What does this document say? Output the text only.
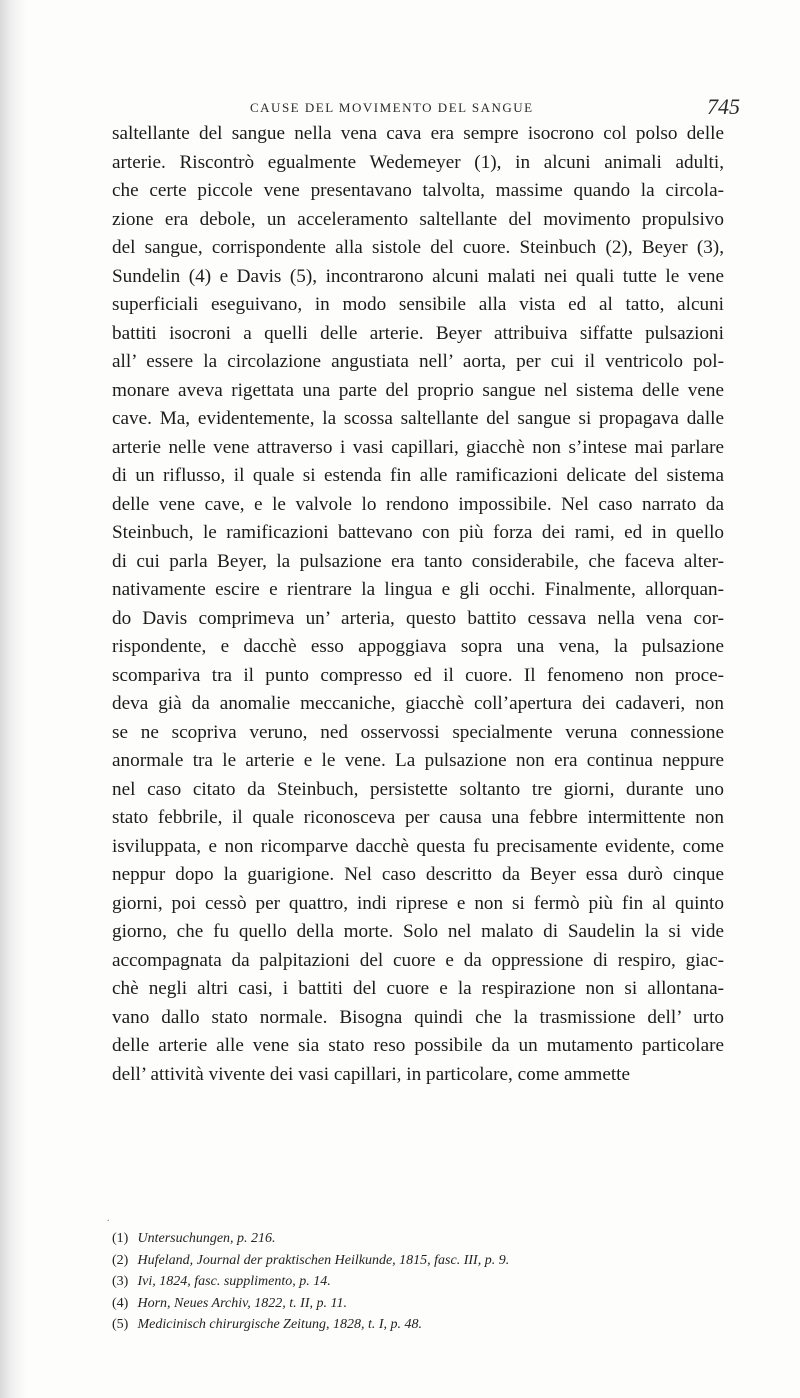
CAUSE DEL MOVIMENTO DEL SANGUE	745

saltellante del sangue nella vena cava era sempre isocrono col polso delle

arterie. Riscontrò egualmente Wedemeyer (1), in alcuni animali adulti,

che certe piccole vene presentavano talvolta, massime quando la circola-

zione era debole, un acceleramento saltellante del movimento propulsivo

del sangue, corrispondente alla sistole del cuore. Steinbuch (2), Beyer (3),

Sundelin (4) e Davis (5), incontrarono alcuni malati nei quali tutte le vene

superficiali eseguivano, in modo sensibile alla vista ed al tatto, alcuni

battiti isocroni a quelli delle arterie. Beyer attribuiva siffatte pulsazioni

all’ essere la circolazione angustiata nell’ aorta, per cui il ventricolo pol-

monare aveva rigettata una parte del proprio sangue nel sistema delle vene

cave. Ma, evidentemente, la scossa saltellante del sangue si propagava dalle

arterie nelle vene attraverso i vasi capillari, giacchè non s’intese mai parlare

di un riflusso, il quale si estenda fin alle ramificazioni delicate del sistema

delle vene cave, e le valvole lo rendono impossibile. Nel caso narrato da

Steinbuch, le ramificazioni battevano con più forza dei rami, ed in quello

di cui parla Beyer, la pulsazione era tanto considerabile, che faceva alter-

nativamente escire e rientrare la lingua e gli occhi. Finalmente, allorquan-

do Davis comprimeva un’ arteria, questo battito cessava nella vena cor-

rispondente, e dacchè esso appoggiava sopra una vena, la pulsazione

scompariva tra il punto compresso ed il cuore. Il fenomeno non proce-

deva già da anomalie meccaniche, giacchè coll’apertura dei cadaveri, non

se ne scopriva veruno, ned osservossi specialmente veruna connessione

anormale tra le arterie e le vene. La pulsazione non era continua neppure

nel caso citato da Steinbuch, persistette soltanto tre giorni, durante uno

stato febbrile, il quale riconosceva per causa una febbre intermittente non

isviluppata, e non ricomparve dacchè questa fu precisamente evidente, come

neppur dopo la guarigione. Nel caso descritto da Beyer essa durò cinque

giorni, poi cessò per quattro, indi riprese e non si fermò più fin al quinto

giorno, che fu quello della morte. Solo nel malato di Saudelin la si vide

accompagnata da palpitazioni del cuore e da oppressione di respiro, giac-

chè negli altri casi, i battiti del cuore e la respirazione non si allontana-

vano dallo stato normale. Bisogna quindi che la trasmissione dell’ urto

delle arterie alle vene sia stato reso possibile da un mutamento particolare

dell’ attività vivente dei vasi capillari, in particolare, come ammette

.
(1) Untersuchungen, p. 216.
(2) Hufeland, Journal der praktischen Heilkunde, 1815, fasc. III, p. 9.
(3) Ivi, 1824, fasc. supplimento, p. 14.
(4) Horn, Neues Archiv, 1822, t. II, p. 11.
(5) Medicinisch chirurgische Zeitung, 1828, t. I, p. 48.
